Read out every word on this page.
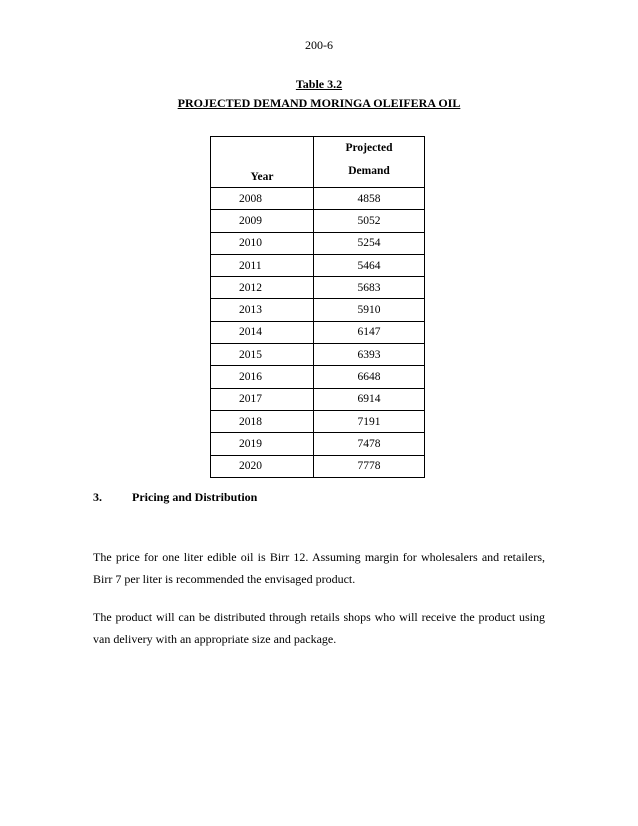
200-6
Table 3.2
PROJECTED DEMAND MORINGA OLEIFERA OIL
Year	Projected
Demand
2008	4858
2009	5052
2010	5254
2011	5464
2012	5683
2013	5910
2014	6147
2015	6393
2016	6648
2017	6914
2018	7191
2019	7478
2020	7778
3.	Pricing and Distribution

The price for one liter edible oil is Birr 12. Assuming margin for wholesalers and retailers, Birr 7 per liter is recommended the envisaged product.

The product will can be distributed through retails shops who will receive the product using van delivery with an appropriate size and package.
